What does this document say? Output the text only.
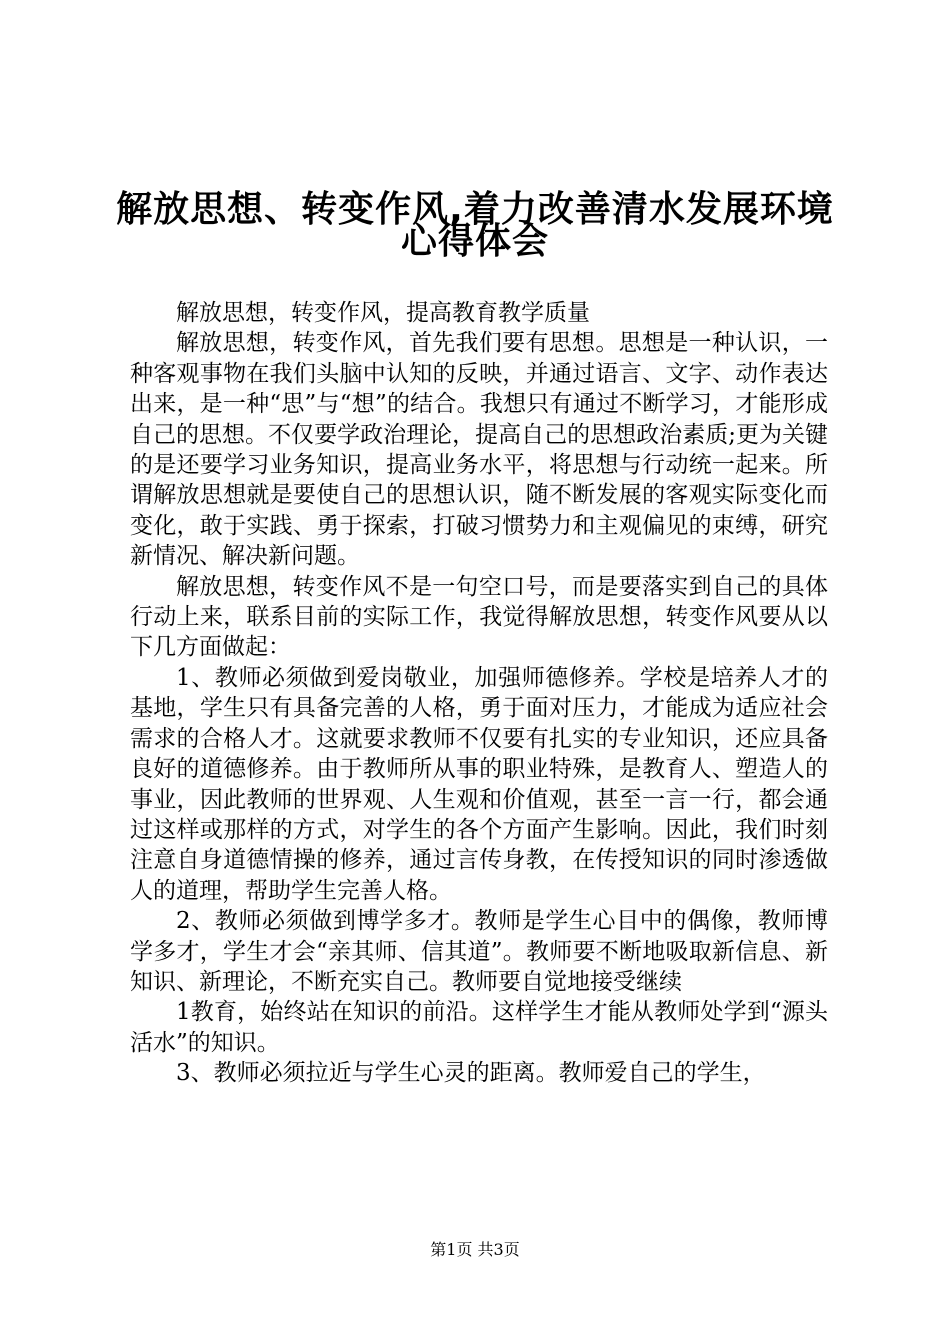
解放思想、转变作风,着力改善清水发展环境
心得体会

解放思想，转变作风，提高教育教学质量

解放思想，转变作风，首先我们要有思想。思想是一种认识，一种客观事物在我们头脑中认知的反映，并通过语言、文字、动作表达出来，是一种“思”与“想”的结合。我想只有通过不断学习，才能形成自己的思想。不仅要学政治理论，提高自己的思想政治素质;更为关键的是还要学习业务知识，提高业务水平，将思想与行动统一起来。所谓解放思想就是要使自己的思想认识，随不断发展的客观实际变化而变化，敢于实践、勇于探索，打破习惯势力和主观偏见的束缚，研究新情况、解决新问题。

解放思想，转变作风不是一句空口号，而是要落实到自己的具体行动上来，联系目前的实际工作，我觉得解放思想，转变作风要从以下几方面做起：

1、教师必须做到爱岗敬业，加强师德修养。学校是培养人才的基地，学生只有具备完善的人格，勇于面对压力，才能成为适应社会需求的合格人才。这就要求教师不仅要有扎实的专业知识，还应具备良好的道德修养。由于教师所从事的职业特殊，是教育人、塑造人的事业，因此教师的世界观、人生观和价值观，甚至一言一行，都会通过这样或那样的方式，对学生的各个方面产生影响。因此，我们时刻注意自身道德情操的修养，通过言传身教，在传授知识的同时渗透做人的道理，帮助学生完善人格。

2、教师必须做到博学多才。教师是学生心目中的偶像，教师博学多才，学生才会“亲其师、信其道”。教师要不断地吸取新信息、新知识、新理论，不断充实自己。教师要自觉地接受继续

1教育，始终站在知识的前沿。这样学生才能从教师处学到“源头活水”的知识。

3、教师必须拉近与学生心灵的距离。教师爱自己的学生，

第1页 共3页
